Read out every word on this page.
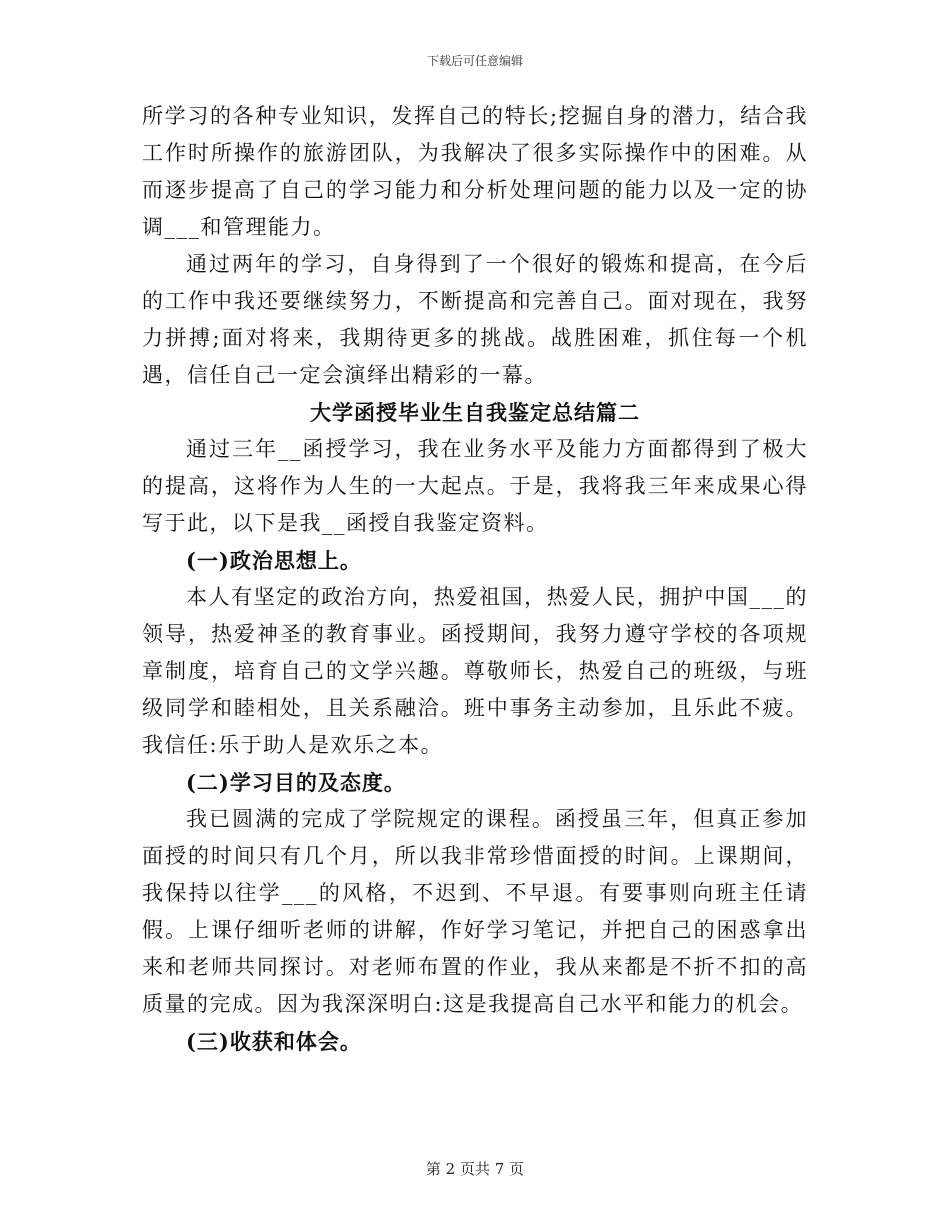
下载后可任意编辑

所学习的各种专业知识，发挥自己的特长;挖掘自身的潜力，结合我工作时所操作的旅游团队，为我解决了很多实际操作中的困难。从而逐步提高了自己的学习能力和分析处理问题的能力以及一定的协调___和管理能力。

通过两年的学习，自身得到了一个很好的锻炼和提高，在今后的工作中我还要继续努力，不断提高和完善自己。面对现在，我努力拼搏;面对将来，我期待更多的挑战。战胜困难，抓住每一个机遇，信任自己一定会演绎出精彩的一幕。

大学函授毕业生自我鉴定总结篇二

通过三年__函授学习，我在业务水平及能力方面都得到了极大的提高，这将作为人生的一大起点。于是，我将我三年来成果心得写于此，以下是我__函授自我鉴定资料。

(一)政治思想上。

本人有坚定的政治方向，热爱祖国，热爱人民，拥护中国___的领导，热爱神圣的教育事业。函授期间，我努力遵守学校的各项规章制度，培育自己的文学兴趣。尊敬师长，热爱自己的班级，与班级同学和睦相处，且关系融洽。班中事务主动参加，且乐此不疲。我信任:乐于助人是欢乐之本。

(二)学习目的及态度。

我已圆满的完成了学院规定的课程。函授虽三年，但真正参加面授的时间只有几个月，所以我非常珍惜面授的时间。上课期间，我保持以往学___的风格，不迟到、不早退。有要事则向班主任请假。上课仔细听老师的讲解，作好学习笔记，并把自己的困惑拿出来和老师共同探讨。对老师布置的作业，我从来都是不折不扣的高质量的完成。因为我深深明白:这是我提高自己水平和能力的机会。

(三)收获和体会。

第 2 页共 7 页
